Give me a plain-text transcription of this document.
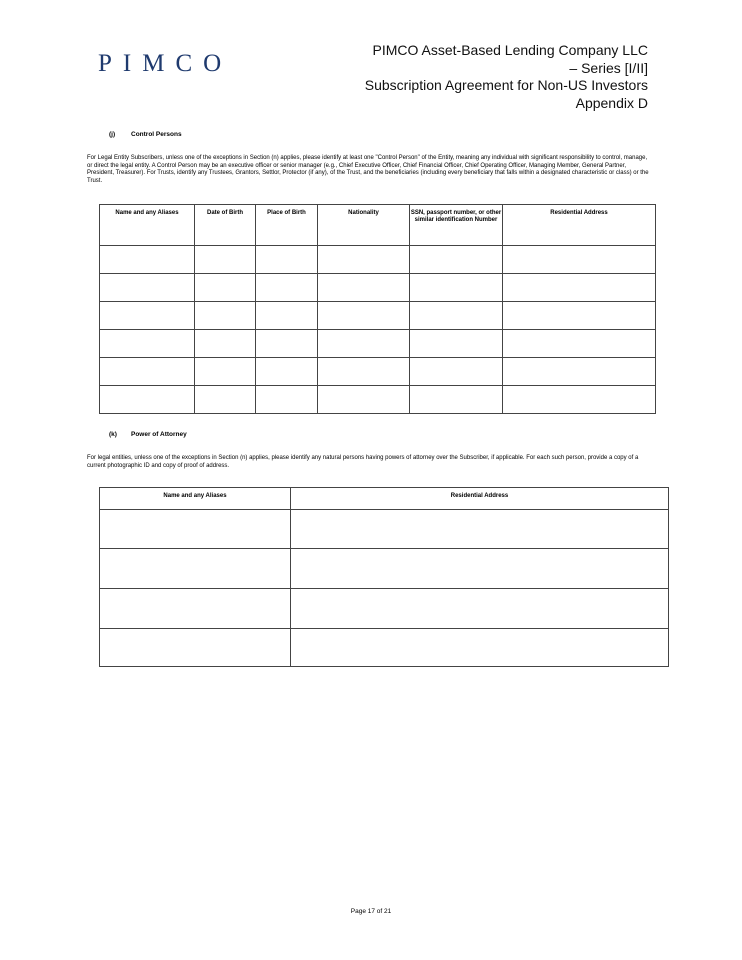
PIMCO	PIMCO Asset-Based Lending Company LLC
– Series [I/II]
Subscription Agreement for Non-US Investors
Appendix D
(j) Control Persons
For Legal Entity Subscribers, unless one of the exceptions in Section (n) applies, please identify at least one "Control Person" of the Entity, meaning any individual with significant responsibility to control, manage, or direct the legal entity. A Control Person may be an executive officer or senior manager (e.g., Chief Executive Officer, Chief Financial Officer, Chief Operating Officer, Managing Member, General Partner, President, Treasurer). For Trusts, identify any Trustees, Grantors, Settlor, Protector (if any), of the Trust, and the beneficiaries (including every beneficiary that falls within a designated characteristic or class) or the Trust.
Name and any Aliases	Date of Birth	Place of Birth	Nationality	SSN, passport number, or other similar identification Number	Residential Address

(k) Power of Attorney
For legal entities, unless one of the exceptions in Section (n) applies, please identify any natural persons having powers of attorney over the Subscriber, if applicable. For each such person, provide a copy of a current photographic ID and copy of proof of address.
Name and any Aliases	Residential Address

Page 17 of 21
